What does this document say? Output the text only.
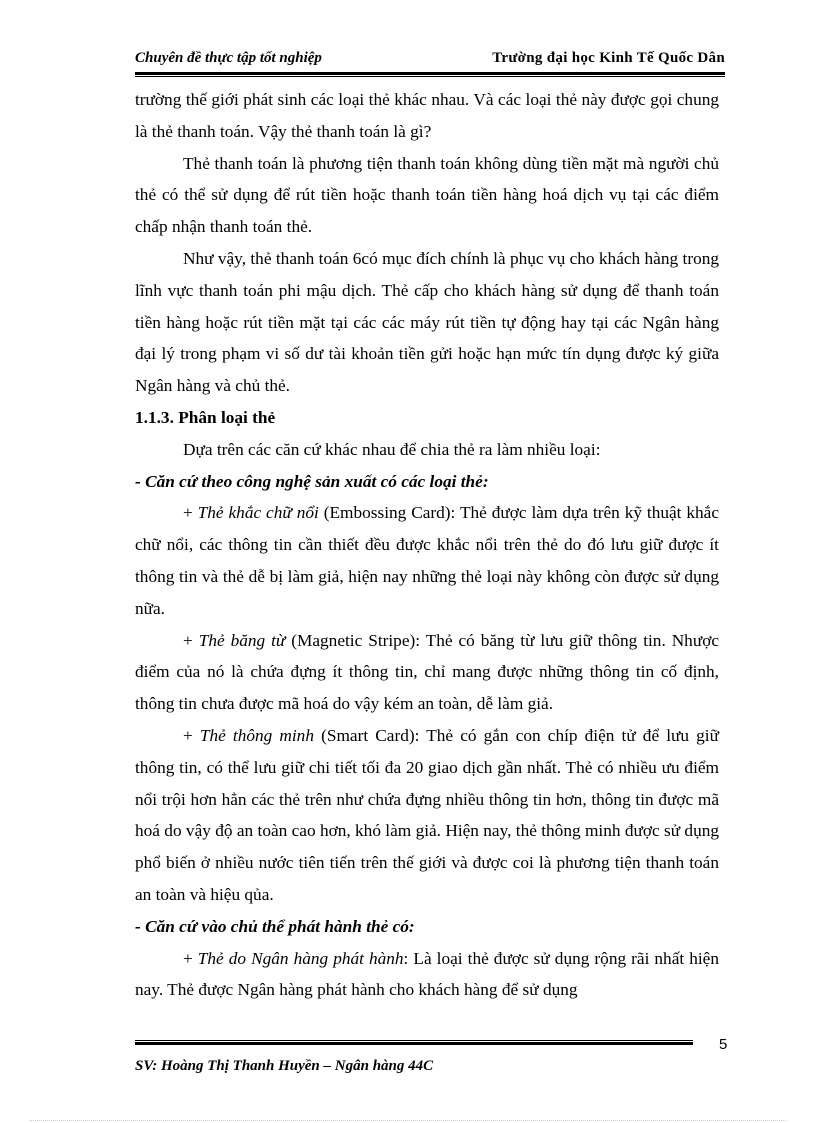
Chuyên đề thực tập tốt nghiệp	Trường đại học Kinh Tế Quốc Dân

trường thế giới phát sinh các loại thẻ khác nhau. Và các loại thẻ này được gọi chung là thẻ thanh toán. Vậy thẻ thanh toán là gì?

Thẻ thanh toán là phương tiện thanh toán không dùng tiền mặt mà người chủ thẻ có thể sử dụng để rút tiền hoặc thanh toán tiền hàng hoá dịch vụ tại các điểm chấp nhận thanh toán thẻ.

Như vậy, thẻ thanh toán 6có mục đích chính là phục vụ cho khách hàng trong lĩnh vực thanh toán phi mậu dịch. Thẻ cấp cho khách hàng sử dụng để thanh toán tiền hàng hoặc rút tiền mặt tại các các máy rút tiền tự động hay tại các Ngân hàng đại lý trong phạm vi số dư tài khoản tiền gửi hoặc hạn mức tín dụng được ký giữa Ngân hàng và chủ thẻ.

1.1.3. Phân loại thẻ

Dựa trên các căn cứ khác nhau để chia thẻ ra làm nhiều loại:

- Căn cứ theo công nghệ sản xuất có các loại thẻ:

+ Thẻ khắc chữ nổi (Embossing Card): Thẻ được làm dựa trên kỹ thuật khắc chữ nổi, các thông tin cần thiết đều được khắc nổi trên thẻ do đó lưu giữ được ít thông tin và thẻ dễ bị làm giả, hiện nay những thẻ loại này không còn được sử dụng nữa.

+ Thẻ băng từ (Magnetic Stripe): Thẻ có băng từ lưu giữ thông tin. Nhược điểm của nó là chứa đựng ít thông tin, chỉ mang được những thông tin cố định, thông tin chưa được mã hoá do vậy kém an toàn, dễ làm giả.

+ Thẻ thông minh (Smart Card): Thẻ có gắn con chíp điện tử để lưu giữ thông tin, có thể lưu giữ chi tiết tối đa 20 giao dịch gần nhất. Thẻ có nhiều ưu điểm nổi trội hơn hẳn các thẻ trên như chứa đựng nhiều thông tin hơn, thông tin được mã hoá do vậy độ an toàn cao hơn, khó làm giả. Hiện nay, thẻ thông minh được sử dụng phổ biến ở nhiều nước tiên tiến trên thế giới và được coi là phương tiện thanh toán an toàn và hiệu qủa.

- Căn cứ vào chủ thể phát hành thẻ có:

+ Thẻ do Ngân hàng phát hành: Là loại thẻ được sử dụng rộng rãi nhất hiện nay. Thẻ được Ngân hàng phát hành cho khách hàng để sử dụng

5
SV: Hoàng Thị Thanh Huyền – Ngân hàng 44C
